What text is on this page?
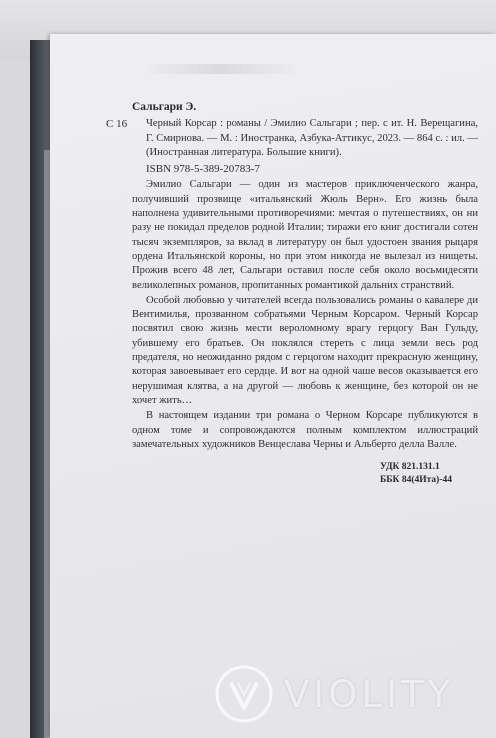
Сальгари Э.
С 16 Черный Корсар : романы / Эмилио Сальгари ; пер. с ит. Н. Верещагина, Г. Смирнова. — М. : Иностранка, Азбука-Аттикус, 2023. — 864 с. : ил. — (Иностранная литература. Большие книги).
ISBN 978-5-389-20783-7

Эмилио Сальгари — один из мастеров приключенческого жанра, получивший прозвище «итальянский Жюль Верн». Его жизнь была наполнена удивительными противоречиями: мечтая о путешествиях, он ни разу не покидал пределов родной Италии; тиражи его книг достигали сотен тысяч экземпляров, за вклад в литературу он был удостоен звания рыцаря ордена Итальянской короны, но при этом никогда не вылезал из нищеты. Прожив всего 48 лет, Сальгари оставил после себя около восьмидесяти великолепных романов, пропитанных романтикой дальних странствий.

Особой любовью у читателей всегда пользовались романы о кавалере ди Вентимилья, прозванном собратьями Черным Корсаром. Черный Корсар посвятил свою жизнь мести вероломному врагу герцогу Ван Гульду, убившему его братьев. Он поклялся стереть с лица земли весь род предателя, но неожиданно рядом с герцогом находит прекрасную женщину, которая завоевывает его сердце. И вот на одной чаше весов оказывается его нерушимая клятва, а на другой — любовь к женщине, без которой он не хочет жить…

В настоящем издании три романа о Черном Корсаре публикуются в одном томе и сопровождаются полным комплектом иллюстраций замечательных художников Венцеслава Черны и Альберто делла Валле.

УДК 821.131.1
ББК 84(4Ита)-44
VIOLITY
